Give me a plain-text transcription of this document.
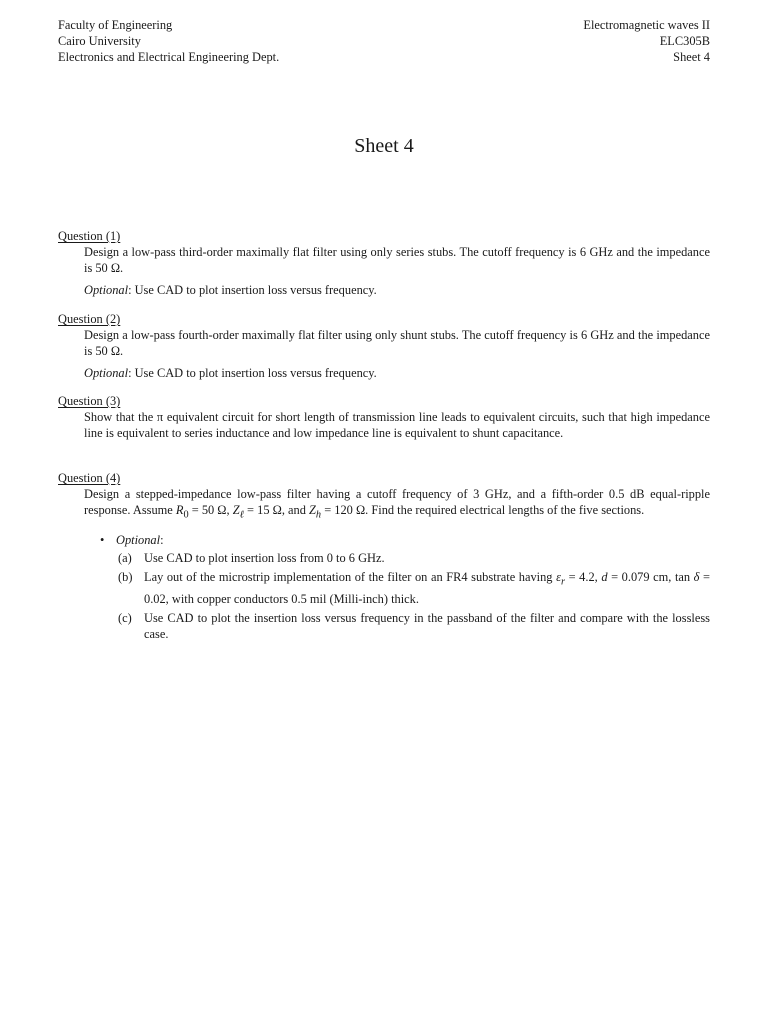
Faculty of Engineering
Cairo University
Electronics and Electrical Engineering Dept.
Electromagnetic waves II
ELC305B
Sheet 4
Sheet 4
Question (1)
Design a low-pass third-order maximally flat filter using only series stubs. The cutoff frequency is 6 GHz and the impedance is 50 Ω.
Optional: Use CAD to plot insertion loss versus frequency.
Question (2)
Design a low-pass fourth-order maximally flat filter using only shunt stubs. The cutoff frequency is 6 GHz and the impedance is 50 Ω.
Optional: Use CAD to plot insertion loss versus frequency.
Question (3)
Show that the π equivalent circuit for short length of transmission line leads to equivalent circuits, such that high impedance line is equivalent to series inductance and low impedance line is equivalent to shunt capacitance.
Question (4)
Design a stepped-impedance low-pass filter having a cutoff frequency of 3 GHz, and a fifth-order 0.5 dB equal-ripple response. Assume $R_0 = 50$ Ω, $Z_\ell = 15$ Ω, and $Z_h = 120$ Ω. Find the required electrical lengths of the five sections.
• Optional:
(a) Use CAD to plot insertion loss from 0 to 6 GHz.
(b) Lay out of the microstrip implementation of the filter on an FR4 substrate having $\varepsilon_r = 4.2$, d = 0.079 cm, tan δ = 0.02, with copper conductors 0.5 mil (Milli-inch) thick.
(c) Use CAD to plot the insertion loss versus frequency in the passband of the filter and compare with the lossless case.
